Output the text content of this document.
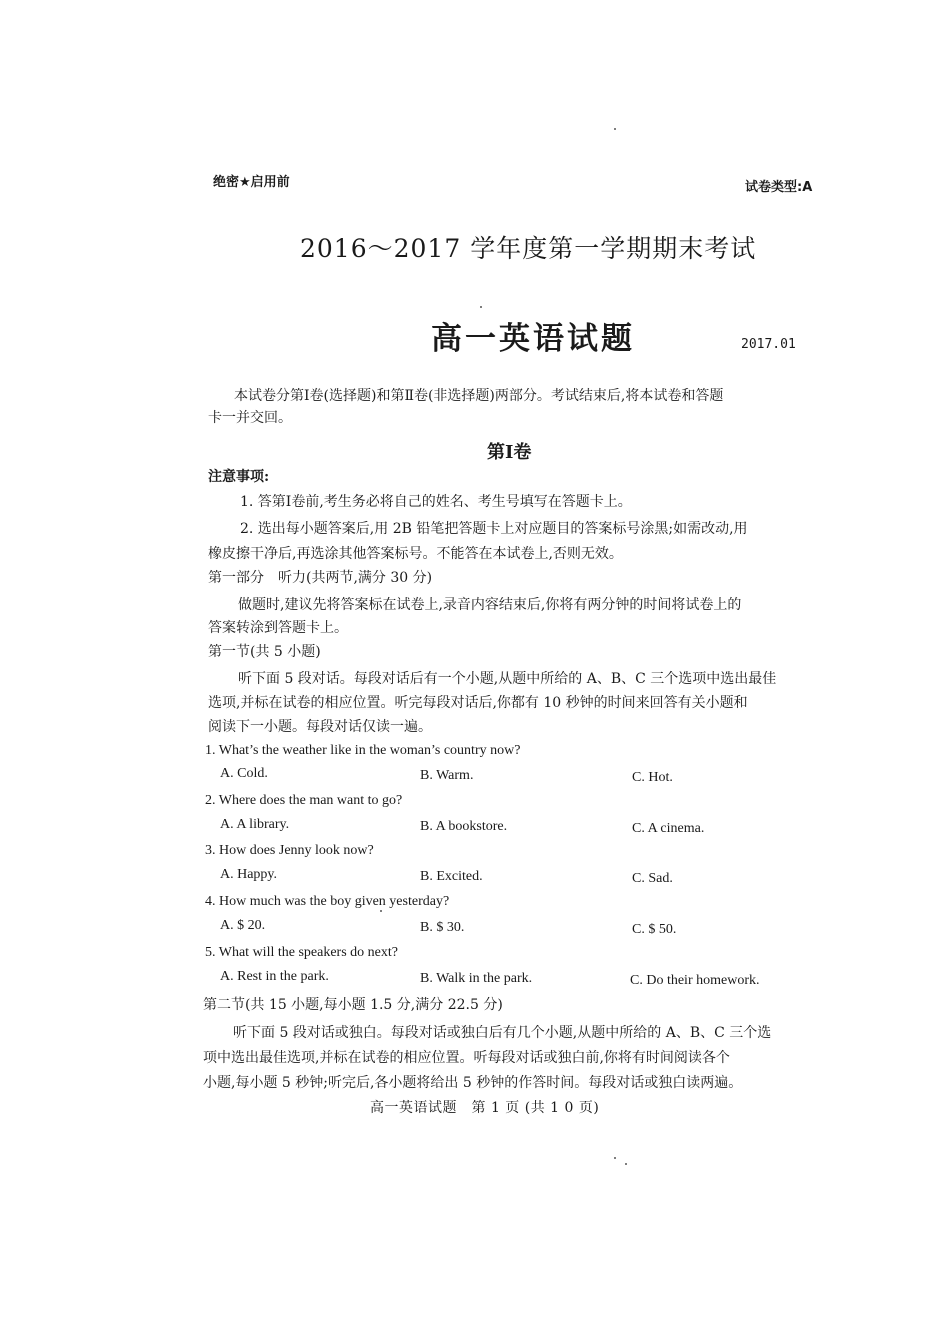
绝密★启用前	试卷类型:A
2016～2017 学年度第一学期期末考试
高一英语试题	2017.01
本试卷分第Ⅰ卷(选择题)和第Ⅱ卷(非选择题)两部分。考试结束后,将本试卷和答题
卡一并交回。
第Ⅰ卷
注意事项:
1. 答第Ⅰ卷前,考生务必将自己的姓名、考生号填写在答题卡上。
2. 选出每小题答案后,用 2B 铅笔把答题卡上对应题目的答案标号涂黑;如需改动,用
橡皮擦干净后,再选涂其他答案标号。不能答在本试卷上,否则无效。
第一部分　听力(共两节,满分 30 分)
做题时,建议先将答案标在试卷上,录音内容结束后,你将有两分钟的时间将试卷上的
答案转涂到答题卡上。
第一节(共 5 小题)
听下面 5 段对话。每段对话后有一个小题,从题中所给的 A、B、C 三个选项中选出最佳
选项,并标在试卷的相应位置。听完每段对话后,你都有 10 秒钟的时间来回答有关小题和
阅读下一小题。每段对话仅读一遍。
1. What’s the weather like in the woman’s country now?
A. Cold.	B. Warm.	C. Hot.
2. Where does the man want to go?
A. A library.	B. A bookstore.	C. A cinema.
3. How does Jenny look now?
A. Happy.	B. Excited.	C. Sad.
4. How much was the boy given yesterday?
A. $ 20.	B. $ 30.	C. $ 50.
5. What will the speakers do next?
A. Rest in the park.	B. Walk in the park.	C. Do their homework.
第二节(共 15 小题,每小题 1.5 分,满分 22.5 分)
听下面 5 段对话或独白。每段对话或独白后有几个小题,从题中所给的 A、B、C 三个选
项中选出最佳选项,并标在试卷的相应位置。听每段对话或独白前,你将有时间阅读各个
小题,每小题 5 秒钟;听完后,各小题将给出 5 秒钟的作答时间。每段对话或独白读两遍。
高一英语试题　第 1 页 (共 1 0 页)
